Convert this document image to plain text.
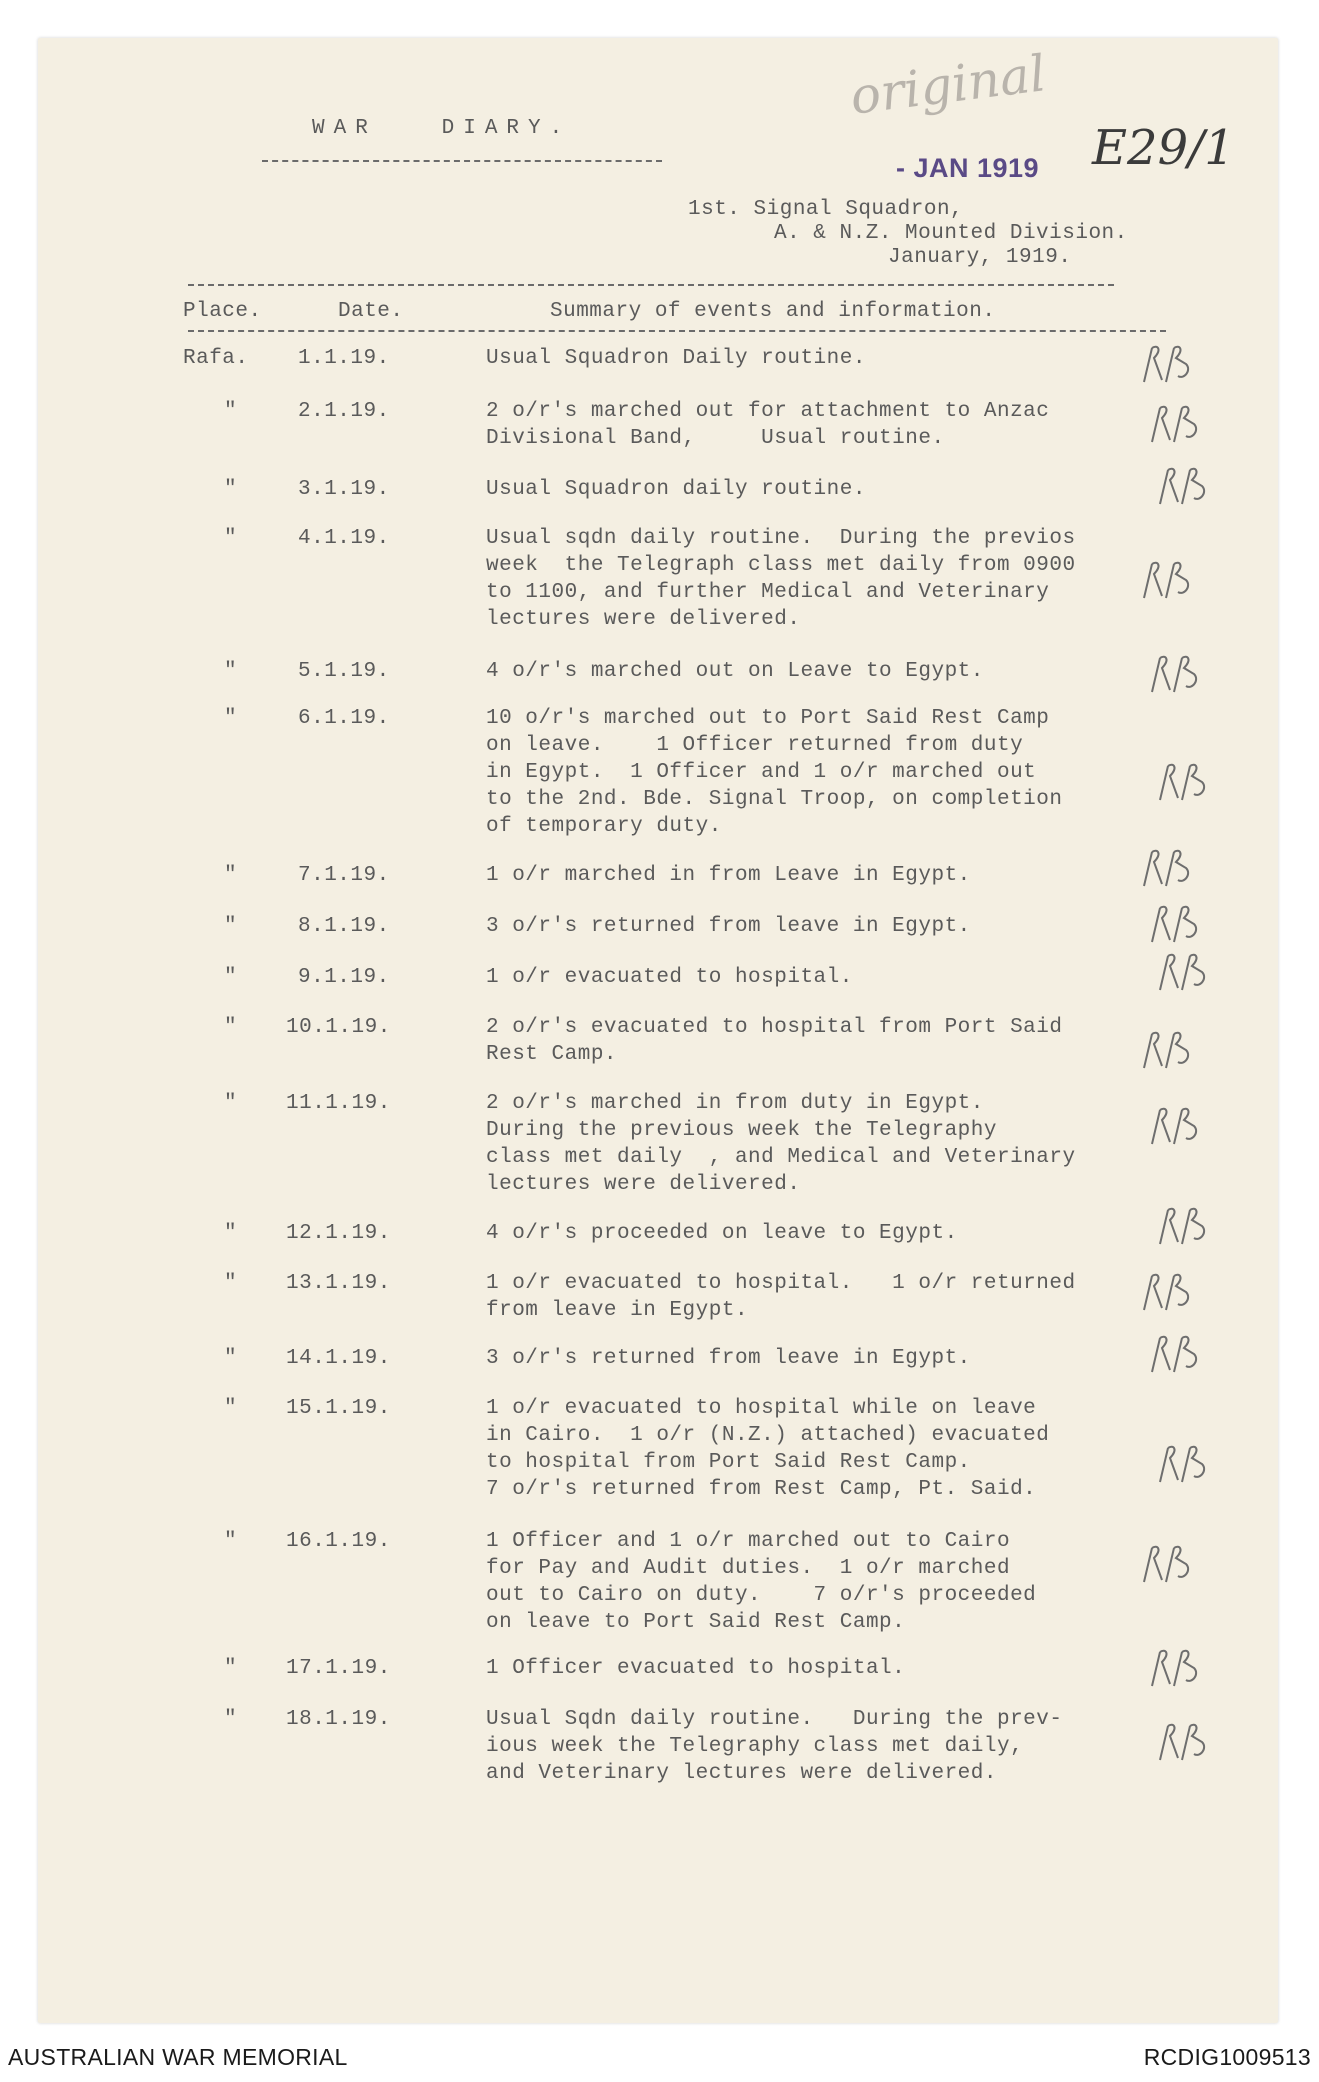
original
E29/1
WAR   DIARY.
- JAN 1919
1st. Signal Squadron,
A. & N.Z. Mounted Division.
January, 1919.
Place.	Date.	Summary of events and information.
Rafa.	1.1.19.	Usual Squadron Daily routine.
"	2.1.19.	2 o/r's marched out for attachment to Anzac
Divisional Band,     Usual routine.
"	3.1.19.	Usual Squadron daily routine.
"	4.1.19.	Usual sqdn daily routine.  During the previos
week  the Telegraph class met daily from 0900
to 1100, and further Medical and Veterinary
lectures were delivered.
"	5.1.19.	4 o/r's marched out on Leave to Egypt.
"	6.1.19.	10 o/r's marched out to Port Said Rest Camp
on leave.    1 Officer returned from duty
in Egypt.  1 Officer and 1 o/r marched out
to the 2nd. Bde. Signal Troop, on completion
of temporary duty.
"	7.1.19.	1 o/r marched in from Leave in Egypt.
"	8.1.19.	3 o/r's returned from leave in Egypt.
"	9.1.19.	1 o/r evacuated to hospital.
"	10.1.19.	2 o/r's evacuated to hospital from Port Said
Rest Camp.
"	11.1.19.	2 o/r's marched in from duty in Egypt.
During the previous week the Telegraphy
class met daily  , and Medical and Veterinary
lectures were delivered.
"	12.1.19.	4 o/r's proceeded on leave to Egypt.
"	13.1.19.	1 o/r evacuated to hospital.   1 o/r returned
from leave in Egypt.
"	14.1.19.	3 o/r's returned from leave in Egypt.
"	15.1.19.	1 o/r evacuated to hospital while on leave
in Cairo.  1 o/r (N.Z.) attached) evacuated
to hospital from Port Said Rest Camp.
7 o/r's returned from Rest Camp, Pt. Said.
"	16.1.19.	1 Officer and 1 o/r marched out to Cairo
for Pay and Audit duties.  1 o/r marched
out to Cairo on duty.    7 o/r's proceeded
on leave to Port Said Rest Camp.
"	17.1.19.	1 Officer evacuated to hospital.
"	18.1.19.	Usual Sqdn daily routine.   During the prev-
ious week the Telegraphy class met daily,
and Veterinary lectures were delivered.
AUSTRALIAN WAR MEMORIAL	RCDIG1009513
